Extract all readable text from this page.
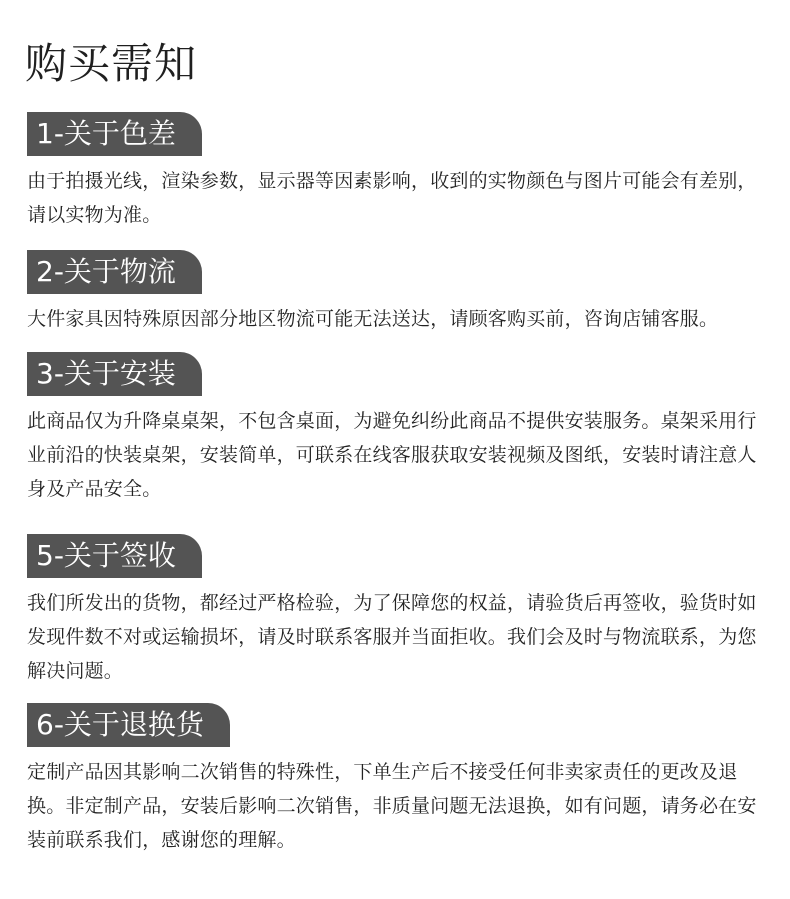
购买需知
1-关于色差

由于拍摄光线，渲染参数，显示器等因素影响，收到的实物颜色与图片可能会有差别，请以实物为准。

2-关于物流

大件家具因特殊原因部分地区物流可能无法送达，请顾客购买前，咨询店铺客服。

3-关于安装

此商品仅为升降桌桌架，不包含桌面，为避免纠纷此商品不提供安装服务。桌架采用行业前沿的快装桌架，安装简单，可联系在线客服获取安装视频及图纸，安装时请注意人身及产品安全。

5-关于签收

我们所发出的货物，都经过严格检验，为了保障您的权益，请验货后再签收，验货时如发现件数不对或运输损坏，请及时联系客服并当面拒收。我们会及时与物流联系，为您解决问题。

6-关于退换货

定制产品因其影响二次销售的特殊性，下单生产后不接受任何非卖家责任的更改及退换。非定制产品，安装后影响二次销售，非质量问题无法退换，如有问题，请务必在安装前联系我们，感谢您的理解。
